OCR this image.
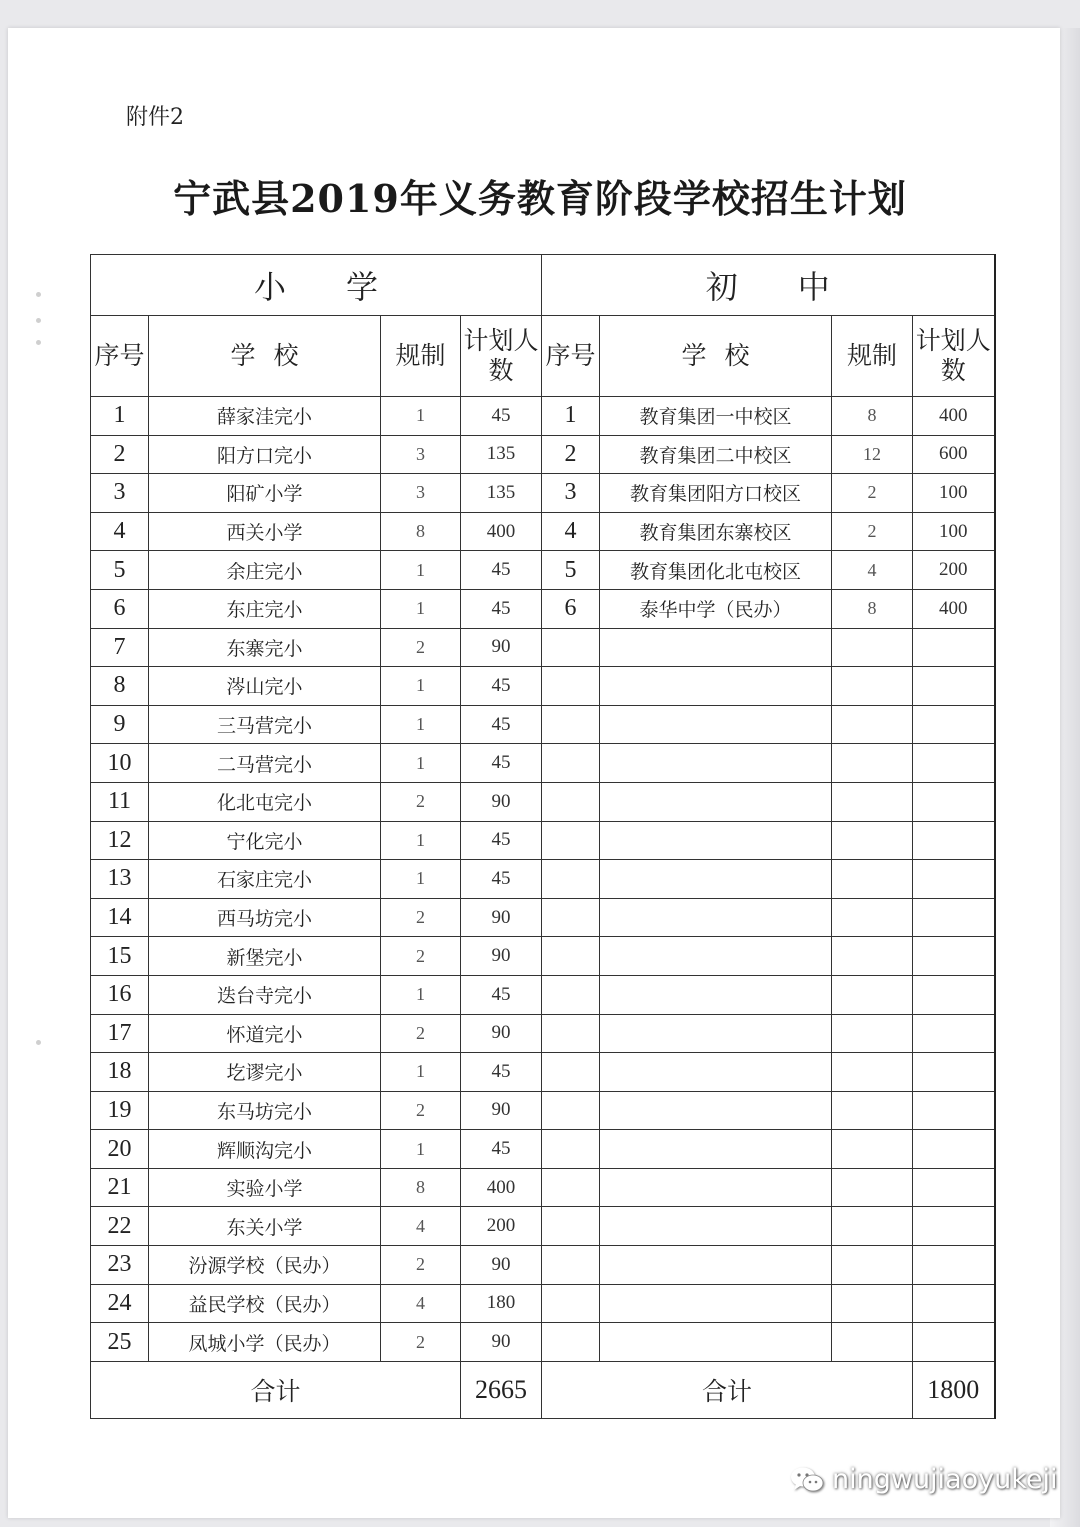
附件2
宁武县2019年义务教育阶段学校招生计划
小学				初中			
序号	学校	规制	计划人数	序号	学校	规制	计划人数
1	薛家洼完小	1	45	1	教育集团一中校区	8	400
2	阳方口完小	3	135	2	教育集团二中校区	12	600
3	阳矿小学	3	135	3	教育集团阳方口校区	2	100
4	西关小学	8	400	4	教育集团东寨校区	2	100
5	余庄完小	1	45	5	教育集团化北屯校区	4	200
6	东庄完小	1	45	6	泰华中学（民办）	8	400
7	东寨完小	2	90				
8	涔山完小	1	45				
9	三马营完小	1	45				
10	二马营完小	1	45				
11	化北屯完小	2	90				
12	宁化完小	1	45				
13	石家庄完小	1	45				
14	西马坊完小	2	90				
15	新堡完小	2	90				
16	迭台寺完小	1	45				
17	怀道完小	2	90				
18	圪谬完小	1	45				
19	东马坊完小	2	90				
20	辉顺沟完小	1	45				
21	实验小学	8	400				
22	东关小学	4	200				
23	汾源学校（民办）	2	90				
24	益民学校（民办）	4	180				
25	凤城小学（民办）	2	90				
合计			2665	合计			1800
ningwujiaoyukeji
